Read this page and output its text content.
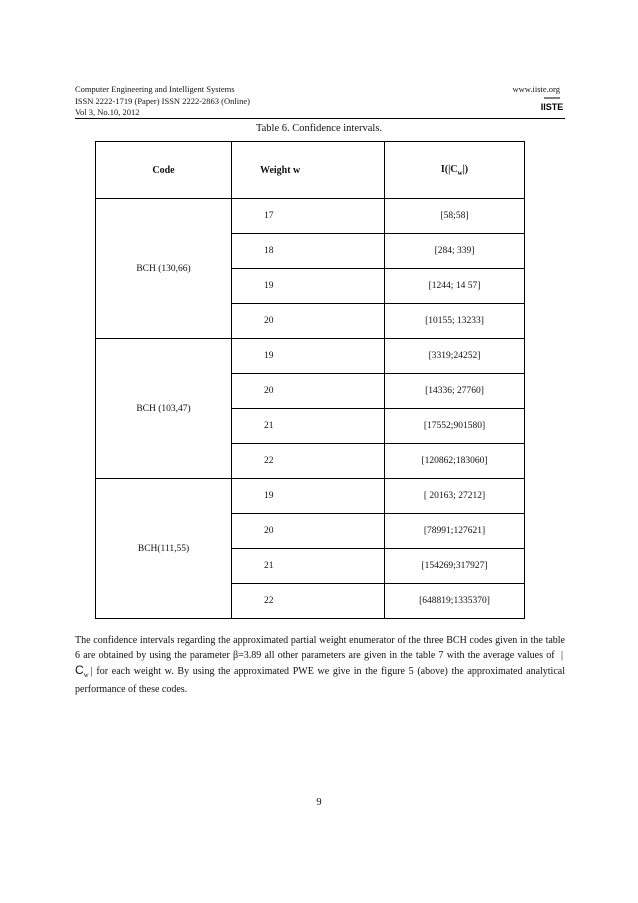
Computer Engineering and Intelligent Systems
ISSN 2222-1719 (Paper) ISSN 2222-2863 (Online)
Vol 3, No.10, 2012
www.iiste.org
IISTE
Table 6. Confidence intervals.
Code	Weight w	$I(|C_w|)$
BCH (130,66)	17	[58;58]
	18	[284; 339]
	19	[1244; 14 57]
	20	[10155; 13233]
BCH (103,47)	19	[3319;24252]
	20	[14336; 27760]
	21	[17552;901580]
	22	[120862;183060]
BCH(111,55)	19	[ 20163; 27212]
	20	[78991;127621]
	21	[154269;317927]
	22	[648819;1335370]
The confidence intervals regarding the approximated partial weight enumerator of the three BCH codes given in the table 6 are obtained by using the parameter β=3.89 all other parameters are given in the table 7 with the average values of  | $C_w$ | for each weight w. By using the approximated PWE we give in the figure 5 (above) the approximated analytical performance of these codes.
9
